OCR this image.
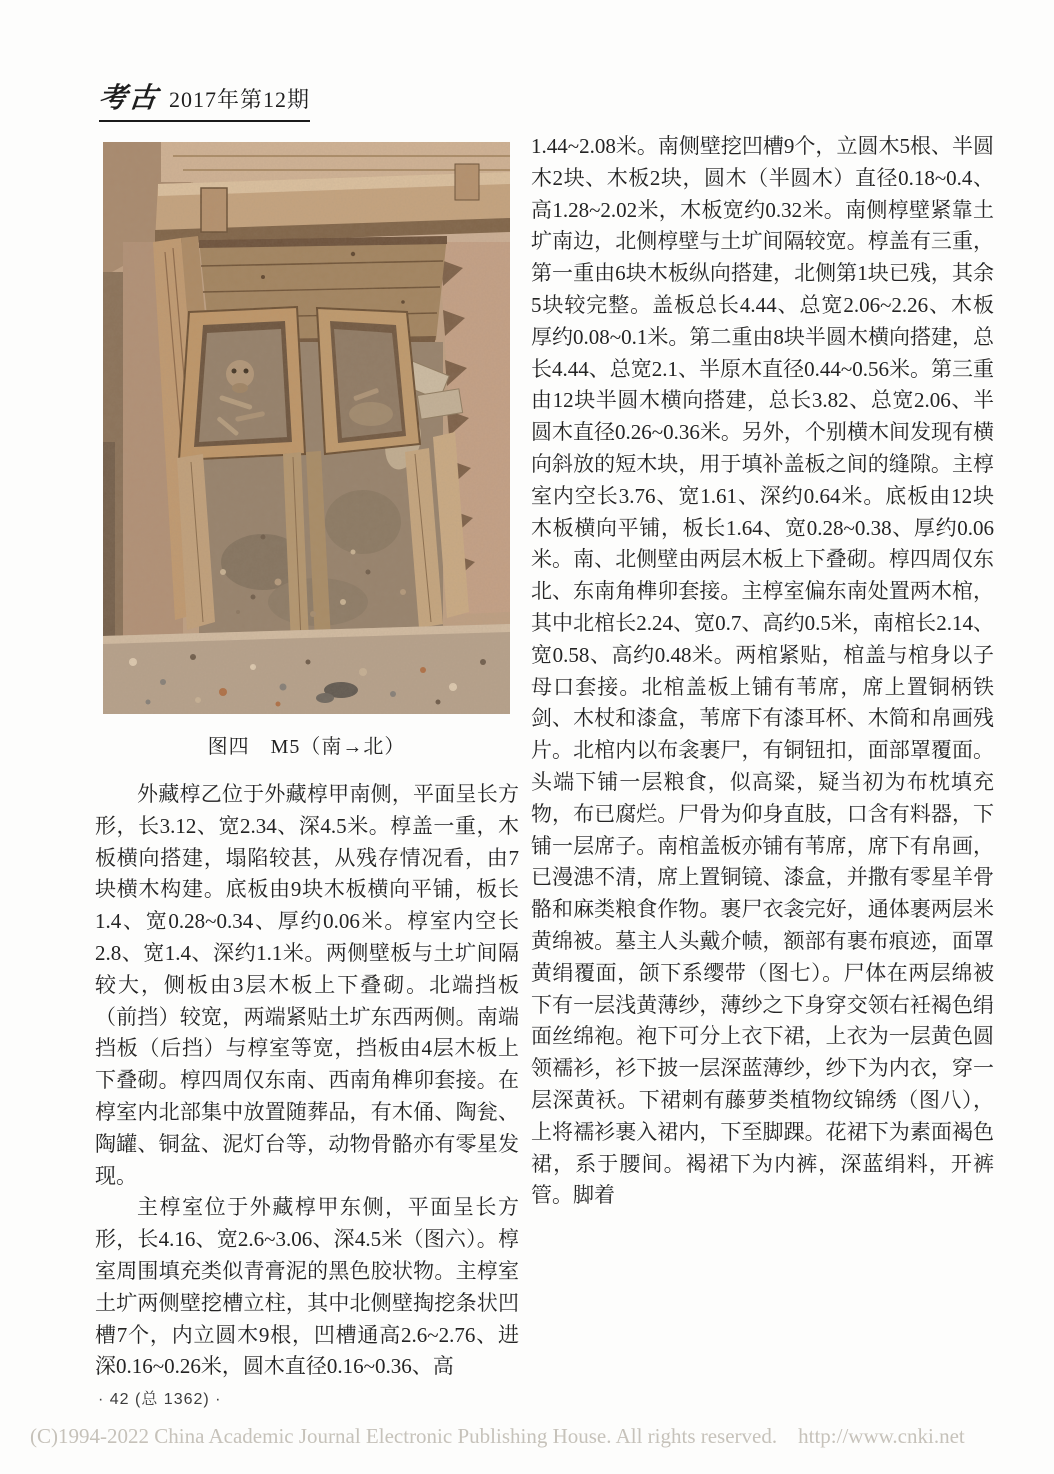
考古 2017年第12期
图四　M5（南→北）

外藏椁乙位于外藏椁甲南侧，平面呈长方形，长3.12、宽2.34、深4.5米。椁盖一重，木板横向搭建，塌陷较甚，从残存情况看，由7块横木构建。底板由9块木板横向平铺，板长1.4、宽0.28~0.34、厚约0.06米。椁室内空长2.8、宽1.4、深约1.1米。两侧壁板与土圹间隔较大，侧板由3层木板上下叠砌。北端挡板（前挡）较宽，两端紧贴土圹东西两侧。南端挡板（后挡）与椁室等宽，挡板由4层木板上下叠砌。椁四周仅东南、西南角榫卯套接。在椁室内北部集中放置随葬品，有木俑、陶瓮、陶罐、铜盆、泥灯台等，动物骨骼亦有零星发现。

主椁室位于外藏椁甲东侧，平面呈长方形，长4.16、宽2.6~3.06、深4.5米（图六）。椁室周围填充类似青膏泥的黑色胶状物。主椁室土圹两侧壁挖槽立柱，其中北侧壁掏挖条状凹槽7个，内立圆木9根，凹槽通高2.6~2.76、进深0.16~0.26米，圆木直径0.16~0.36、高

1.44~2.08米。南侧壁挖凹槽9个，立圆木5根、半圆木2块、木板2块，圆木（半圆木）直径0.18~0.4、高1.28~2.02米，木板宽约0.32米。南侧椁壁紧靠土圹南边，北侧椁壁与土圹间隔较宽。椁盖有三重，第一重由6块木板纵向搭建，北侧第1块已残，其余5块较完整。盖板总长4.44、总宽2.06~2.26、木板厚约0.08~0.1米。第二重由8块半圆木横向搭建，总长4.44、总宽2.1、半原木直径0.44~0.56米。第三重由12块半圆木横向搭建，总长3.82、总宽2.06、半圆木直径0.26~0.36米。另外，个别横木间发现有横向斜放的短木块，用于填补盖板之间的缝隙。主椁室内空长3.76、宽1.61、深约0.64米。底板由12块木板横向平铺，板长1.64、宽0.28~0.38、厚约0.06米。南、北侧壁由两层木板上下叠砌。椁四周仅东北、东南角榫卯套接。主椁室偏东南处置两木棺，其中北棺长2.24、宽0.7、高约0.5米，南棺长2.14、宽0.58、高约0.48米。两棺紧贴，棺盖与棺身以子母口套接。北棺盖板上铺有苇席，席上置铜柄铁剑、木杖和漆盒，苇席下有漆耳杯、木简和帛画残片。北棺内以布衾裹尸，有铜钮扣，面部罩覆面。头端下铺一层粮食，似高粱，疑当初为布枕填充物，布已腐烂。尸骨为仰身直肢，口含有料器，下铺一层席子。南棺盖板亦铺有苇席，席下有帛画，已漫漶不清，席上置铜镜、漆盒，并撒有零星羊骨骼和麻类粮食作物。裹尸衣衾完好，通体裹两层米黄绵被。墓主人头戴介帻，额部有裹布痕迹，面罩黄绢覆面，颌下系缨带（图七）。尸体在两层绵被下有一层浅黄薄纱，薄纱之下身穿交领右衽褐色绢面丝绵袍。袍下可分上衣下裙，上衣为一层黄色圆领襦衫，衫下披一层深蓝薄纱，纱下为内衣，穿一层深黄袄。下裙刺有藤萝类植物纹锦绣（图八），上将襦衫裹入裙内，下至脚踝。花裙下为素面褐色裙，系于腰间。褐裙下为内裤，深蓝绢料，开裤管。脚着

· 42 (总 1362) ·
(C)1994-2022 China Academic Journal Electronic Publishing House. All rights reserved.    http://www.cnki.net
